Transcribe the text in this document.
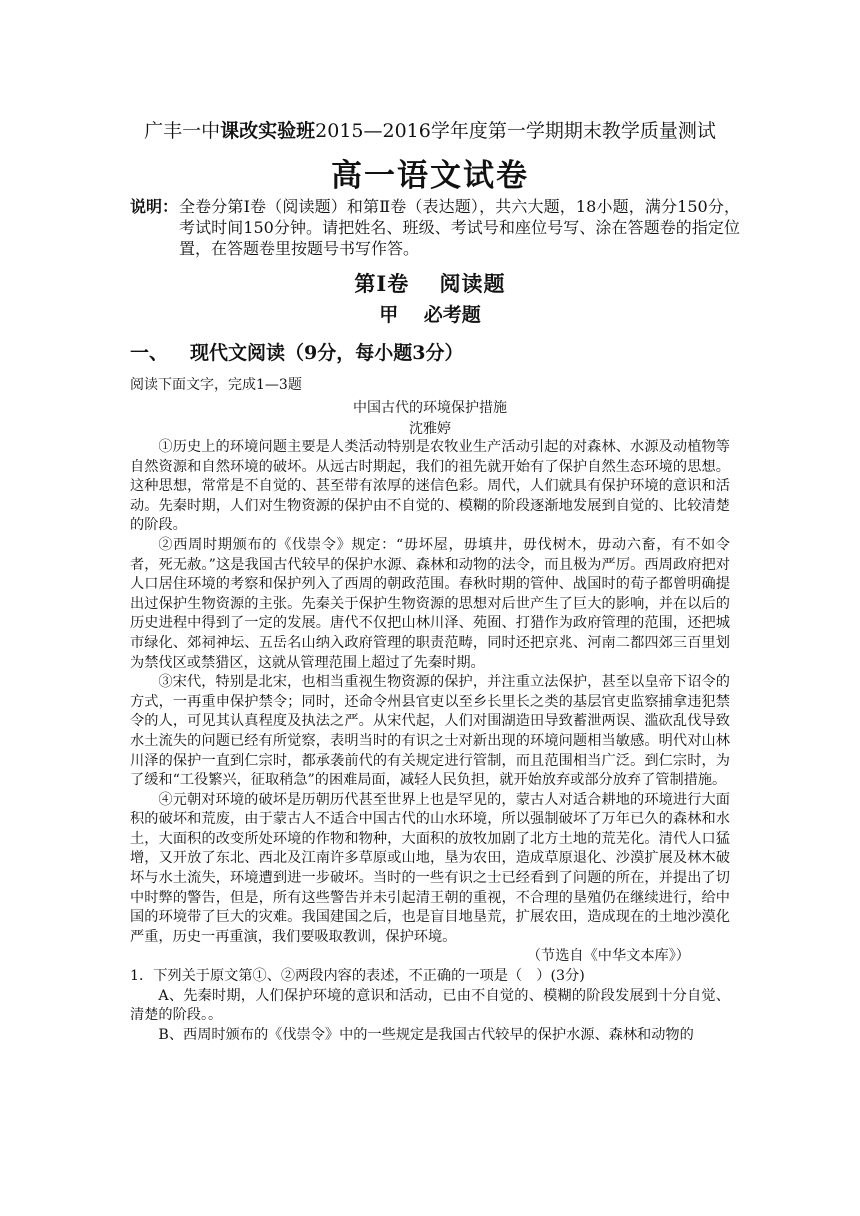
广丰一中课改实验班2015—2016学年度第一学期期末教学质量测试
高一语文试卷
说明： 全卷分第Ⅰ卷（阅读题）和第Ⅱ卷（表达题），共六大题，18小题，满分150分，考试时间150分钟。请把姓名、班级、考试号和座位号写、涂在答题卷的指定位置，在答题卷里按题号书写作答。
第Ⅰ卷　 阅读题
甲　 必考题
一、 现代文阅读（9分，每小题3分）
阅读下面文字，完成1—3题
中国古代的环境保护措施
沈雅婷

①历史上的环境问题主要是人类活动特别是农牧业生产活动引起的对森林、水源及动植物等自然资源和自然环境的破坏。从远古时期起，我们的祖先就开始有了保护自然生态环境的思想。这种思想，常常是不自觉的、甚至带有浓厚的迷信色彩。周代，人们就具有保护环境的意识和活动。先秦时期，人们对生物资源的保护由不自觉的、模糊的阶段逐渐地发展到自觉的、比较清楚的阶段。

②西周时期颁布的《伐崇令》规定：“毋坏屋，毋填井，毋伐树木，毋动六畜，有不如令者，死无赦。”这是我国古代较早的保护水源、森林和动物的法令，而且极为严厉。西周政府把对人口居住环境的考察和保护列入了西周的朝政范围。春秋时期的管仲、战国时的荀子都曾明确提出过保护生物资源的主张。先秦关于保护生物资源的思想对后世产生了巨大的影响，并在以后的历史进程中得到了一定的发展。唐代不仅把山林川泽、苑囿、打猎作为政府管理的范围，还把城市绿化、郊祠神坛、五岳名山纳入政府管理的职责范畴，同时还把京兆、河南二都四郊三百里划为禁伐区或禁猎区，这就从管理范围上超过了先秦时期。

③宋代，特别是北宋，也相当重视生物资源的保护，并注重立法保护，甚至以皇帝下诏令的方式，一再重申保护禁令；同时，还命令州县官吏以至乡长里长之类的基层官吏监察捕拿违犯禁令的人，可见其认真程度及执法之严。从宋代起，人们对围湖造田导致蓄泄两误、滥砍乱伐导致水土流失的问题已经有所觉察，表明当时的有识之士对新出现的环境问题相当敏感。明代对山林川泽的保护一直到仁宗时，都承袭前代的有关规定进行管制，而且范围相当广泛。到仁宗时，为了缓和“工役繁兴，征取稍急”的困难局面，减轻人民负担，就开始放弃或部分放弃了管制措施。

④元朝对环境的破坏是历朝历代甚至世界上也是罕见的，蒙古人对适合耕地的环境进行大面积的破坏和荒废，由于蒙古人不适合中国古代的山水环境，所以强制破坏了万年已久的森林和水土，大面积的改变所处环境的作物和物种，大面积的放牧加剧了北方土地的荒芜化。清代人口猛增，又开放了东北、西北及江南许多草原或山地，垦为农田，造成草原退化、沙漠扩展及林木破坏与水土流失，环境遭到进一步破坏。当时的一些有识之士已经看到了问题的所在，并提出了切中时弊的警告，但是，所有这些警告并未引起清王朝的重视，不合理的垦殖仍在继续进行，给中国的环境带了巨大的灾难。我国建国之后，也是盲目地垦荒，扩展农田，造成现在的土地沙漠化严重，历史一再重演，我们要吸取教训，保护环境。

（节选自《中华文本库》）

1．下列关于原文第①、②两段内容的表述，不正确的一项是（　）(3分)

A、先秦时期，人们保护环境的意识和活动，已由不自觉的、模糊的阶段发展到十分自觉、清楚的阶段。。

B、西周时颁布的《伐崇令》中的一些规定是我国古代较早的保护水源、森林和动物的
